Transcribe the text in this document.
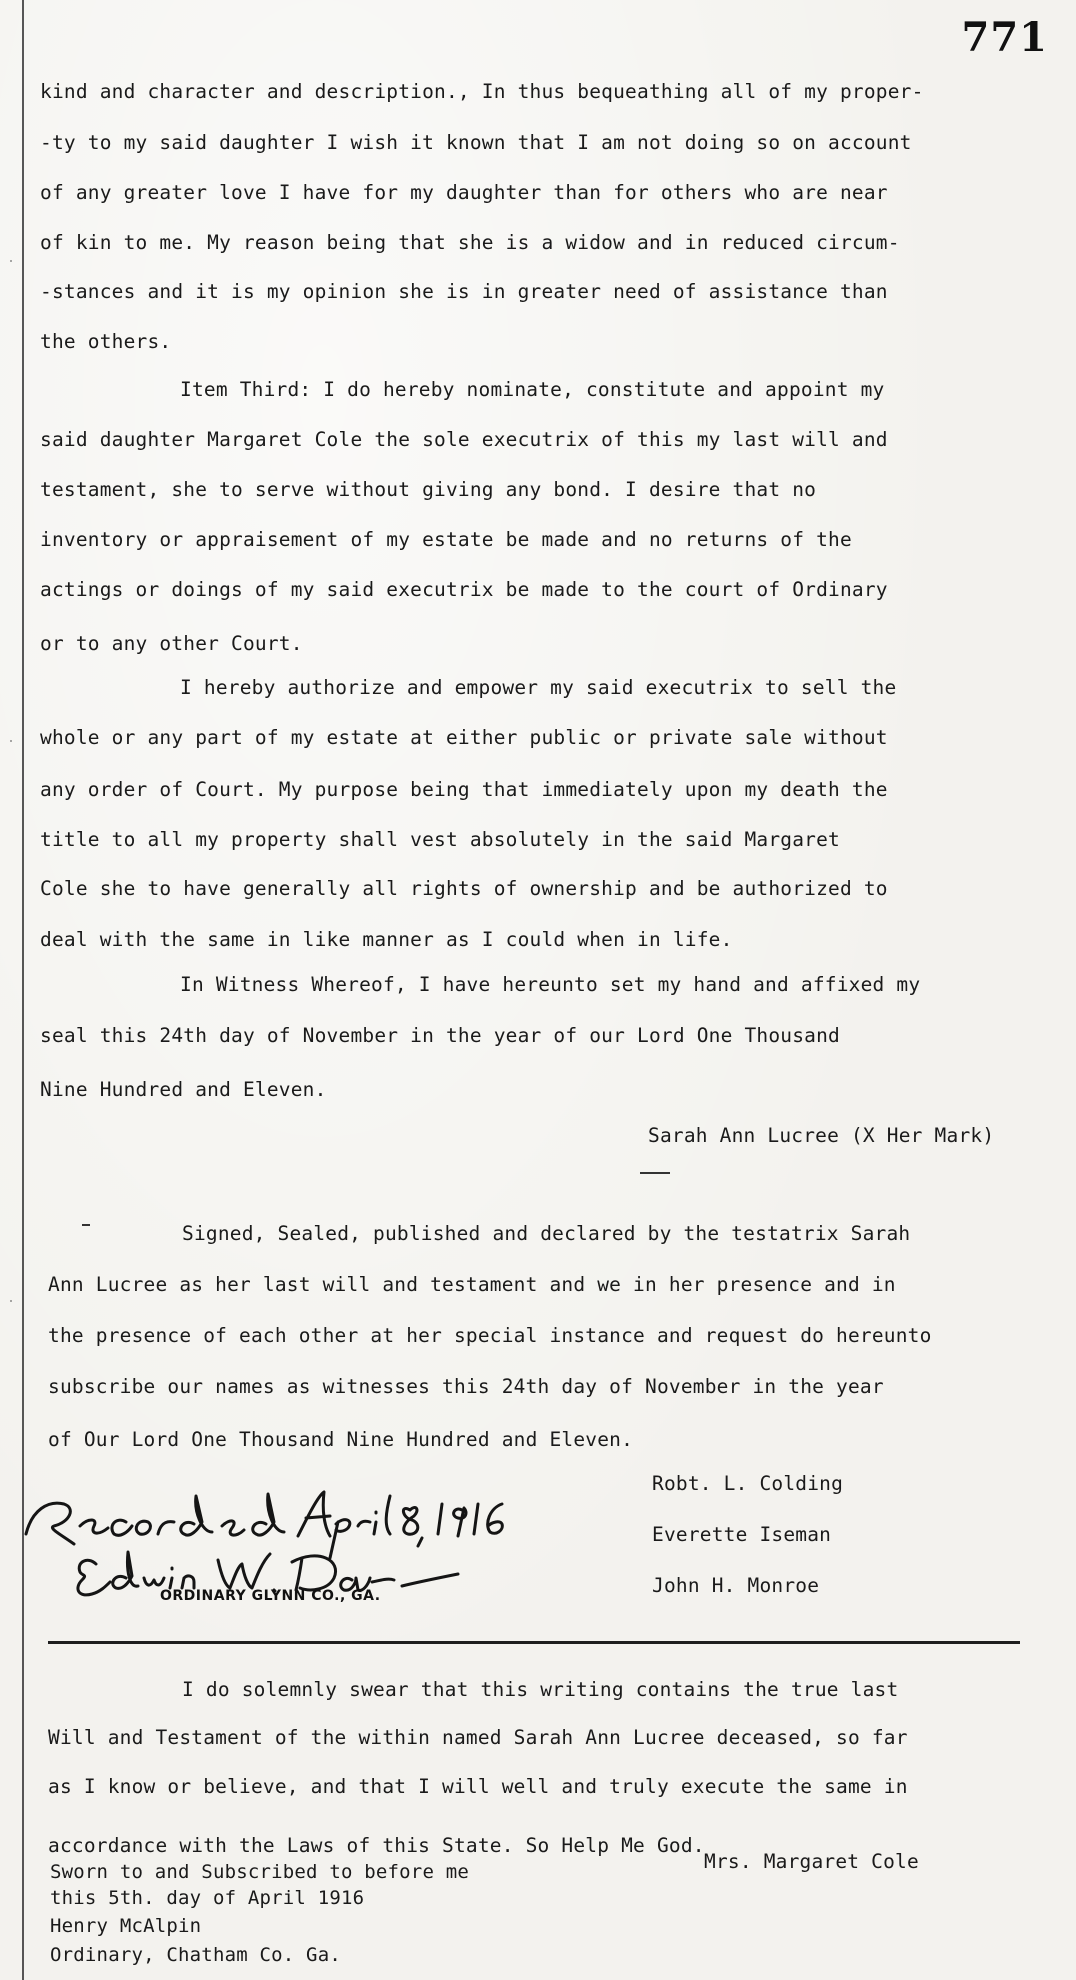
771
kind and character and description., In thus bequeathing all of my proper-
-ty to my said daughter I wish it known that I am not doing so on account
of any greater love I have for my daughter than for others who are near
of kin to me. My reason being that she is a widow and in reduced circum-
-stances and it is my opinion she is in greater need of assistance than
the others.
Item Third: I do hereby nominate, constitute and appoint my
said daughter Margaret Cole the sole executrix of this my last will and
testament, she to serve without giving any bond. I desire that no
inventory or appraisement of my estate be made and no returns of the
actings or doings of my said executrix be made to the court of Ordinary
or to any other Court.
I hereby authorize and empower my said executrix to sell the
whole or any part of my estate at either public or private sale without
any order of Court. My purpose being that immediately upon my death the
title to all my property shall vest absolutely in the said Margaret
Cole she to have generally all rights of ownership and be authorized to
deal with the same in like manner as I could when in life.
In Witness Whereof, I have hereunto set my hand and affixed my
seal this 24th day of November in the year of our Lord One Thousand
Nine Hundred and Eleven.
Sarah Ann Lucree (X Her Mark)
Signed, Sealed, published and declared by the testatrix Sarah
Ann Lucree as her last will and testament and we in her presence and in
the presence of each other at her special instance and request do hereunto
subscribe our names as witnesses this 24th day of November in the year
of Our Lord One Thousand Nine Hundred and Eleven.
Robt. L. Colding
Everette Iseman
John H. Monroe
ORDINARY GLYNN CO., GA.
I do solemnly swear that this writing contains the true last
Will and Testament of the within named Sarah Ann Lucree deceased, so far
as I know or believe, and that I will well and truly execute the same in
accordance with the Laws of this State. So Help Me God.
Mrs. Margaret Cole
Sworn to and Subscribed to before me
this 5th. day of April 1916
Henry McAlpin
Ordinary, Chatham Co. Ga.
